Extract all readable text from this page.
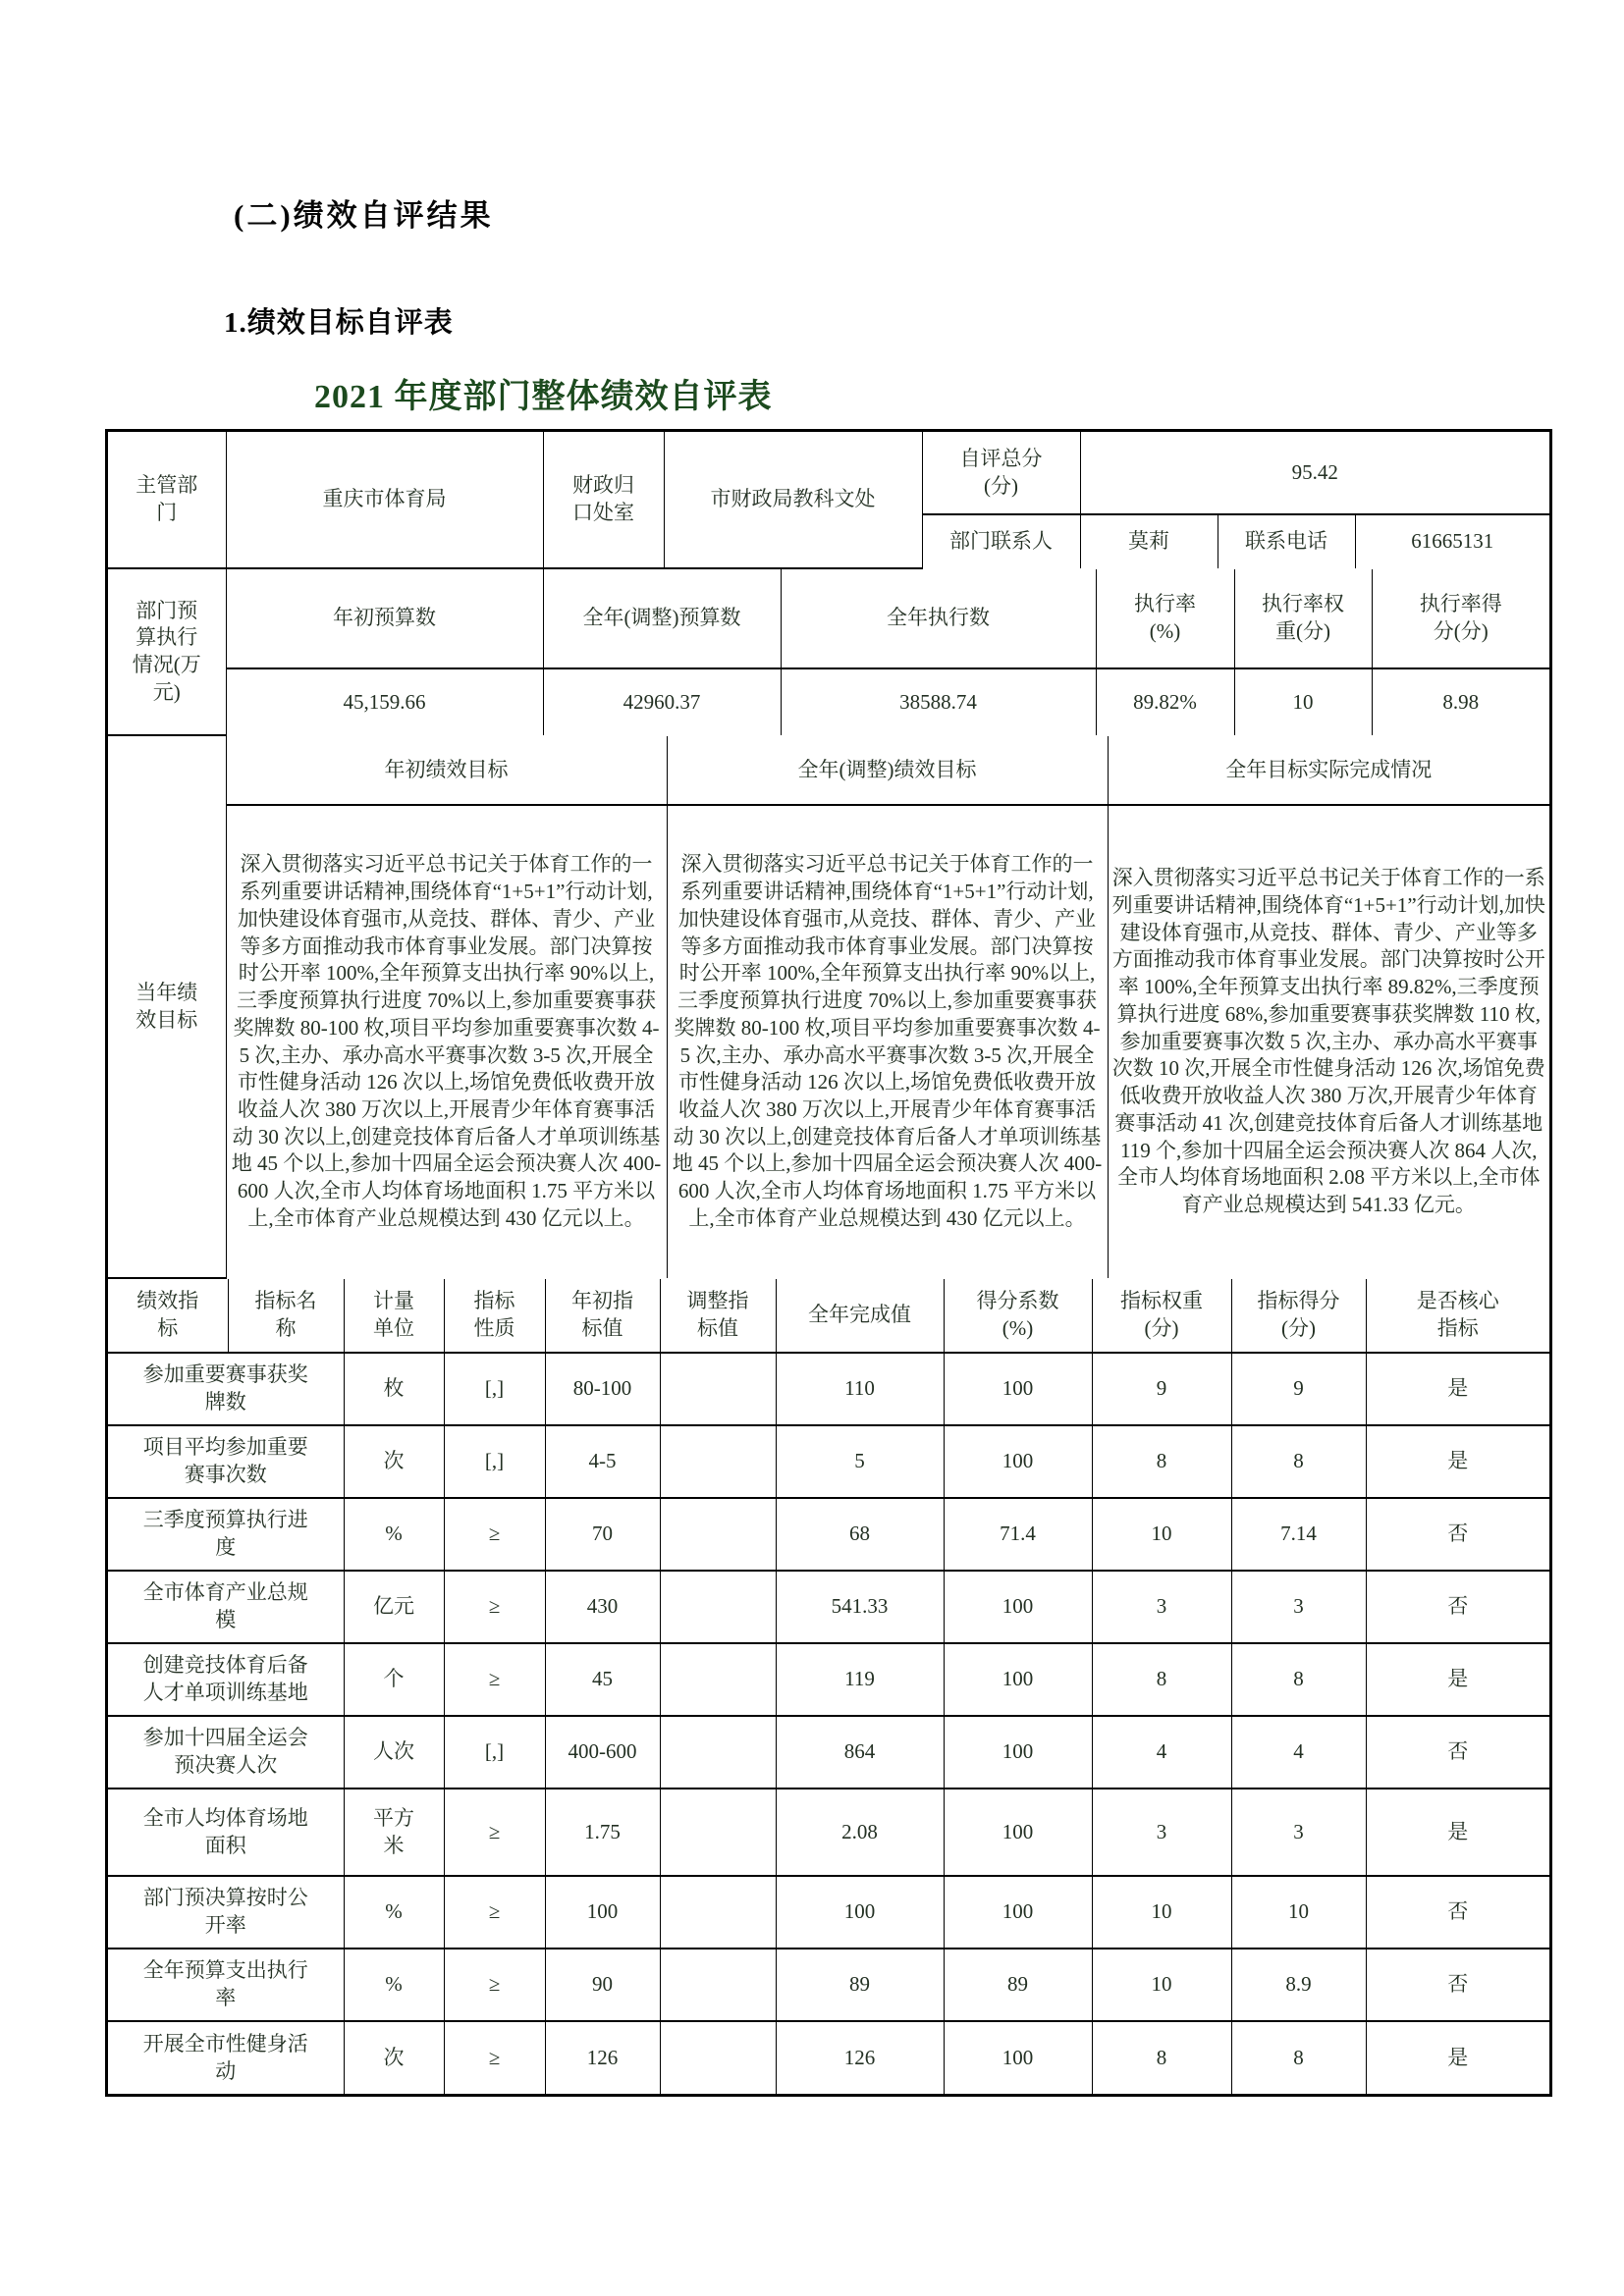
(二)绩效自评结果
1.绩效目标自评表
2021 年度部门整体绩效自评表
主管部门	重庆市体育局	财政归口处室	市财政局教科文处	自评总分(分)	95.42		
				部门联系人	莫莉	联系电话	61665131
部门预算执行情况(万元)	年初预算数	全年(调整)预算数	全年执行数	执行率(%)	执行率权重(分)	执行率得分(分)
	45,159.66	42960.37	38588.74	89.82%	10	8.98
当年绩效目标	年初绩效目标	全年(调整)绩效目标	全年目标实际完成情况
深入贯彻落实习近平总书记关于体育工作的一系列重要讲话精神,围绕体育“1+5+1”行动计划,加快建设体育强市,从竞技、群体、青少、产业等多方面推动我市体育事业发展。部门决算按时公开率 100%,全年预算支出执行率 90%以上,三季度预算执行进度 70%以上,参加重要赛事获奖牌数 80-100 枚,项目平均参加重要赛事次数 4-5 次,主办、承办高水平赛事次数 3-5 次,开展全市性健身活动 126 次以上,场馆免费低收费开放收益人次 380 万次以上,开展青少年体育赛事活动 30 次以上,创建竞技体育后备人才单项训练基地 45 个以上,参加十四届全运会预决赛人次 400-600 人次,全市人均体育场地面积 1.75 平方米以上,全市体育产业总规模达到 430 亿元以上。	深入贯彻落实习近平总书记关于体育工作的一系列重要讲话精神,围绕体育“1+5+1”行动计划,加快建设体育强市,从竞技、群体、青少、产业等多方面推动我市体育事业发展。部门决算按时公开率 100%,全年预算支出执行率 90%以上,三季度预算执行进度 70%以上,参加重要赛事获奖牌数 80-100 枚,项目平均参加重要赛事次数 4-5 次,主办、承办高水平赛事次数 3-5 次,开展全市性健身活动 126 次以上,场馆免费低收费开放收益人次 380 万次以上,开展青少年体育赛事活动 30 次以上,创建竞技体育后备人才单项训练基地 45 个以上,参加十四届全运会预决赛人次 400-600 人次,全市人均体育场地面积 1.75 平方米以上,全市体育产业总规模达到 430 亿元以上。	深入贯彻落实习近平总书记关于体育工作的一系列重要讲话精神,围绕体育“1+5+1”行动计划,加快建设体育强市,从竞技、群体、青少、产业等多方面推动我市体育事业发展。部门决算按时公开率 100%,全年预算支出执行率 89.82%,三季度预算执行进度 68%,参加重要赛事获奖牌数 110 枚,参加重要赛事次数 5 次,主办、承办高水平赛事次数 10 次,开展全市性健身活动 126 次,场馆免费低收费开放收益人次 380 万次,开展青少年体育赛事活动 41 次,创建竞技体育后备人才训练基地 119 个,参加十四届全运会预决赛人次 864 人次,全市人均体育场地面积 2.08 平方米以上,全市体育产业总规模达到 541.33 亿元。
绩效指标	指标名称	计量单位	指标性质	年初指标值	调整指标值	全年完成值	得分系数(%)	指标权重(分)	指标得分(分)	是否核心指标
参加重要赛事获奖牌数		枚	[,]	80-100		110	100	9	9	是
项目平均参加重要赛事次数		次	[,]	4-5		5	100	8	8	是
三季度预算执行进度		%	≥	70		68	71.4	10	7.14	否
全市体育产业总规模		亿元	≥	430		541.33	100	3	3	否
创建竞技体育后备人才单项训练基地		个	≥	45		119	100	8	8	是
参加十四届全运会预决赛人次		人次	[,]	400-600		864	100	4	4	否
全市人均体育场地面积		平方米	≥	1.75		2.08	100	3	3	是
部门预决算按时公开率		%	≥	100		100	100	10	10	否
全年预算支出执行率		%	≥	90		89	89	10	8.9	否
开展全市性健身活动		次	≥	126		126	100	8	8	是
